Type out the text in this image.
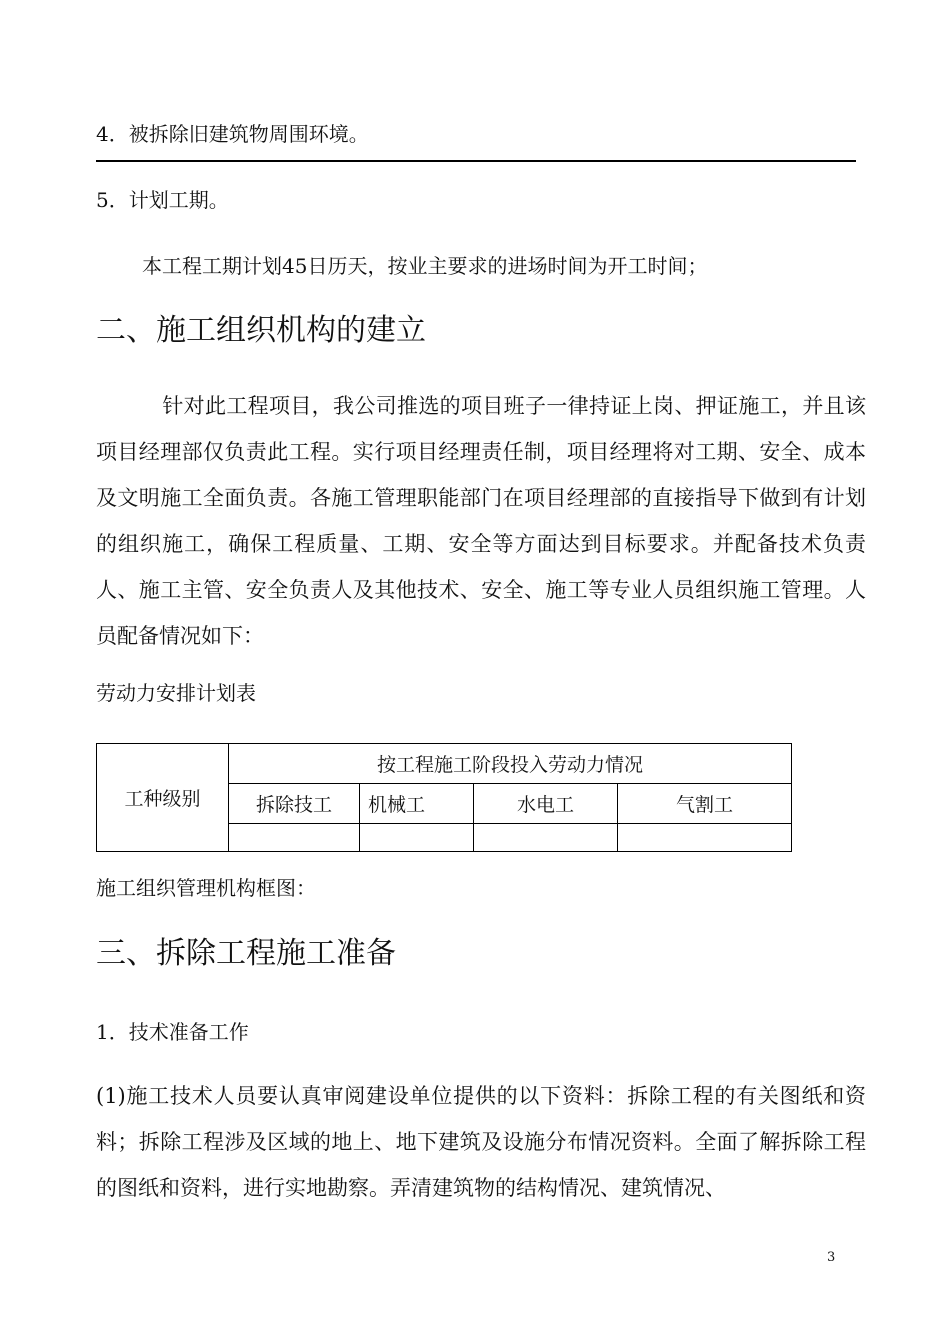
4．被拆除旧建筑物周围环境。
5．计划工期。
本工程工期计划45日历天，按业主要求的进场时间为开工时间；
二、施工组织机构的建立
针对此工程项目，我公司推选的项目班子一律持证上岗、押证施工，并且该项目经理部仅负责此工程。实行项目经理责任制，项目经理将对工期、安全、成本及文明施工全面负责。各施工管理职能部门在项目经理部的直接指导下做到有计划的组织施工，确保工程质量、工期、安全等方面达到目标要求。并配备技术负责人、施工主管、安全负责人及其他技术、安全、施工等专业人员组织施工管理。人员配备情况如下：
劳动力安排计划表
工种级别	按工程施工阶段投入劳动力情况			
	拆除技工	机械工	水电工	气割工

施工组织管理机构框图：
三、拆除工程施工准备
1．技术准备工作
(1)施工技术人员要认真审阅建设单位提供的以下资料：拆除工程的有关图纸和资料；拆除工程涉及区域的地上、地下建筑及设施分布情况资料。全面了解拆除工程的图纸和资料，进行实地勘察。弄清建筑物的结构情况、建筑情况、
3
